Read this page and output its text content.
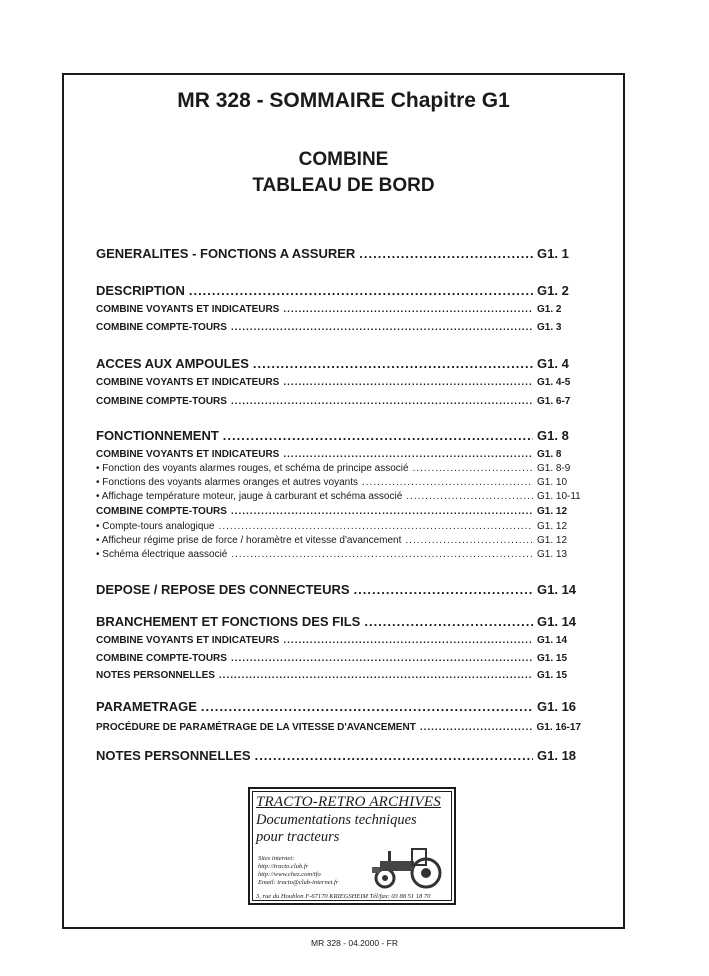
MR 328 - SOMMAIRE Chapitre G1
COMBINE
TABLEAU DE BORD
GENERALITES - FONCTIONS A ASSURER .....	G1. 1
DESCRIPTION .....	G1. 2
COMBINE VOYANTS ET INDICATEURS .....	G1. 2
COMBINE COMPTE-TOURS .....	G1. 3
ACCES AUX AMPOULES .....	G1. 4
COMBINE VOYANTS ET INDICATEURS .....	G1. 4-5
COMBINE COMPTE-TOURS .....	G1. 6-7
FONCTIONNEMENT .....	G1. 8
COMBINE VOYANTS ET INDICATEURS .....	G1. 8
• Fonction des voyants alarmes rouges, et schéma de principe associé .....	G1. 8-9
• Fonctions des voyants alarmes oranges et autres voyants .....	G1. 10
• Affichage température moteur, jauge à carburant et schéma associé .....	G1. 10-11
COMBINE COMPTE-TOURS .....	G1. 12
• Compte-tours analogique .....	G1. 12
• Afficheur régime prise de force / horamètre et vitesse d'avancement .....	G1. 12
• Schéma électrique aassocié .....	G1. 13
DEPOSE / REPOSE DES CONNECTEURS .....	G1. 14
BRANCHEMENT ET FONCTIONS DES FILS .....	G1. 14
COMBINE VOYANTS ET INDICATEURS .....	G1. 14
COMBINE COMPTE-TOURS .....	G1. 15
NOTES PERSONNELLES .....	G1. 15
PARAMETRAGE .....	G1. 16
PROCÉDURE DE PARAMÉTRAGE DE LA VITESSE D'AVANCEMENT .....	G1. 16-17
NOTES PERSONNELLES .....	G1. 18
TRACTO-RETRO ARCHIVES
Documentations techniques
pour tracteurs
Sites internet:
http://tracto.club.fr
http://www.chez.com/tfo
Email: tracto@club-internet.fr
3, rue du Houblon F-67170 KRIEGSHEIM Tél/fax: 03 88 51 18 70
MR 328 - 04.2000 - FR
